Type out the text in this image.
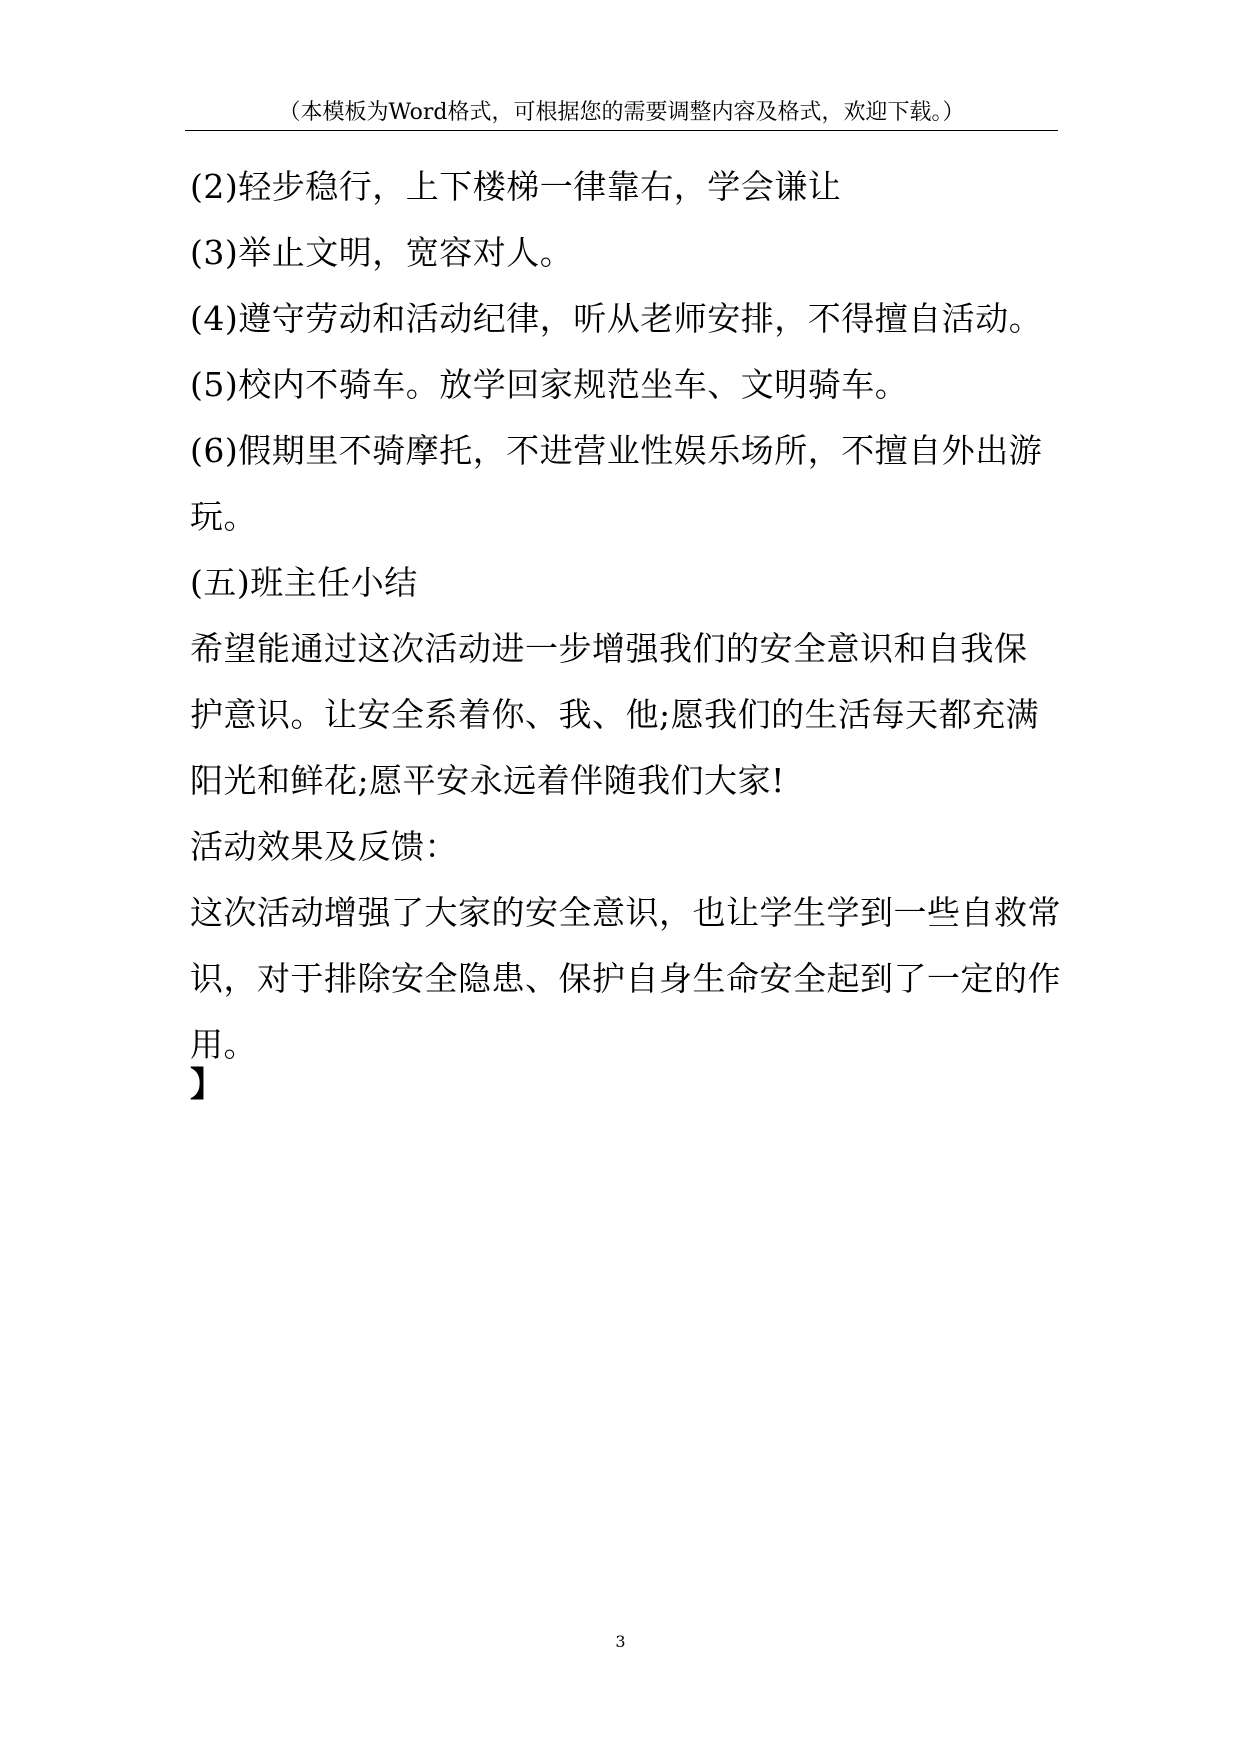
（本模板为Word格式，可根据您的需要调整内容及格式，欢迎下载。）
(2)轻步稳行，上下楼梯一律靠右，学会谦让
(3)举止文明，宽容对人。
(4)遵守劳动和活动纪律，听从老师安排，不得擅自活动。
(5)校内不骑车。放学回家规范坐车、文明骑车。
(6)假期里不骑摩托，不进营业性娱乐场所，不擅自外出游
玩。
(五)班主任小结
希望能通过这次活动进一步增强我们的安全意识和自我保
护意识。让安全系着你、我、他;愿我们的生活每天都充满
阳光和鲜花;愿平安永远着伴随我们大家!
活动效果及反馈：
这次活动增强了大家的安全意识，也让学生学到一些自救常
识，对于排除安全隐患、保护自身生命安全起到了一定的作
用。
】
3
